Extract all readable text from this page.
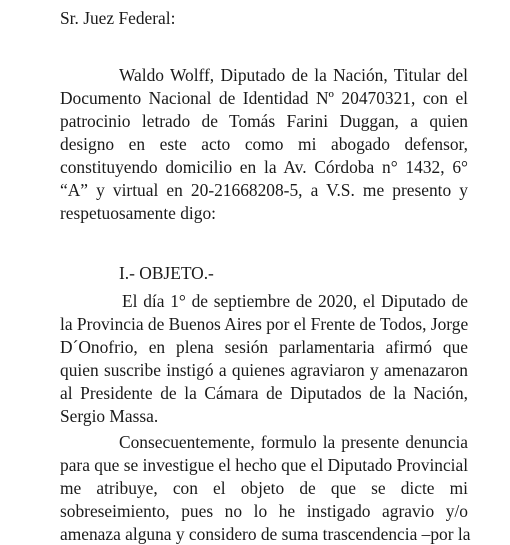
Sr. Juez Federal:
Waldo Wolff, Diputado de la Nación, Titular del
Documento Nacional de Identidad Nº 20470321, con el
patrocinio letrado de Tomás Farini Duggan, a quien
designo en este acto como mi abogado defensor,
constituyendo domicilio en la Av. Córdoba n° 1432, 6°
“A” y virtual en 20-21668208-5, a V.S. me presento y
respetuosamente digo:
I.- OBJETO.-
El día 1° de septiembre de 2020, el Diputado de
la Provincia de Buenos Aires por el Frente de Todos, Jorge
D´Onofrio, en plena sesión parlamentaria afirmó que
quien suscribe instigó a quienes agraviaron y amenazaron
al Presidente de la Cámara de Diputados de la Nación,
Sergio Massa.
Consecuentemente, formulo la presente denuncia
para que se investigue el hecho que el Diputado Provincial
me atribuye, con el objeto de que se dicte mi
sobreseimiento, pues no lo he instigado agravio y/o
amenaza alguna y considero de suma trascendencia –por la
